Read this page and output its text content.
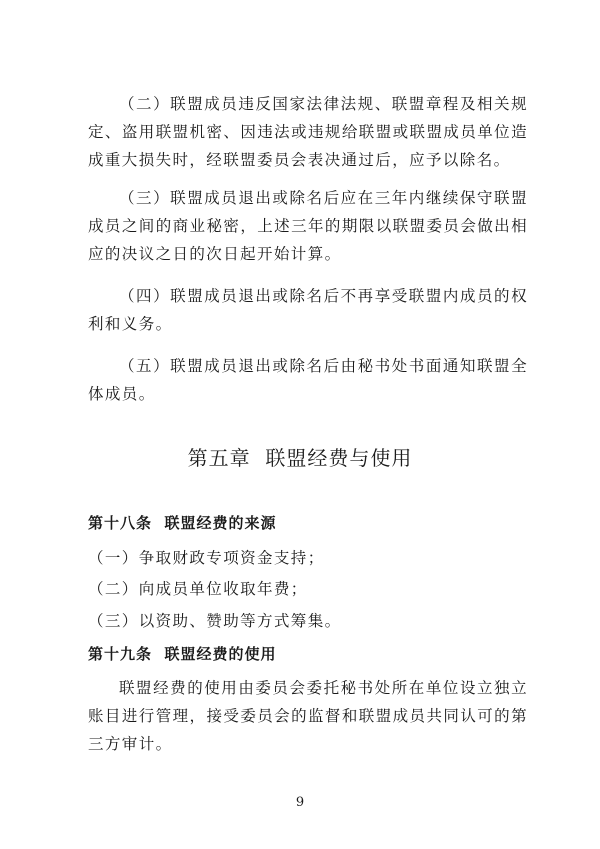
（二）联盟成员违反国家法律法规、联盟章程及相关规定、盗用联盟机密、因违法或违规给联盟或联盟成员单位造成重大损失时，经联盟委员会表决通过后，应予以除名。

（三）联盟成员退出或除名后应在三年内继续保守联盟成员之间的商业秘密，上述三年的期限以联盟委员会做出相应的决议之日的次日起开始计算。

（四）联盟成员退出或除名后不再享受联盟内成员的权利和义务。

（五）联盟成员退出或除名后由秘书处书面通知联盟全体成员。

第五章  联盟经费与使用
第十八条  联盟经费的来源

（一）争取财政专项资金支持；

（二）向成员单位收取年费；

（三）以资助、赞助等方式筹集。

第十九条  联盟经费的使用

联盟经费的使用由委员会委托秘书处所在单位设立独立账目进行管理，接受委员会的监督和联盟成员共同认可的第三方审计。

9
